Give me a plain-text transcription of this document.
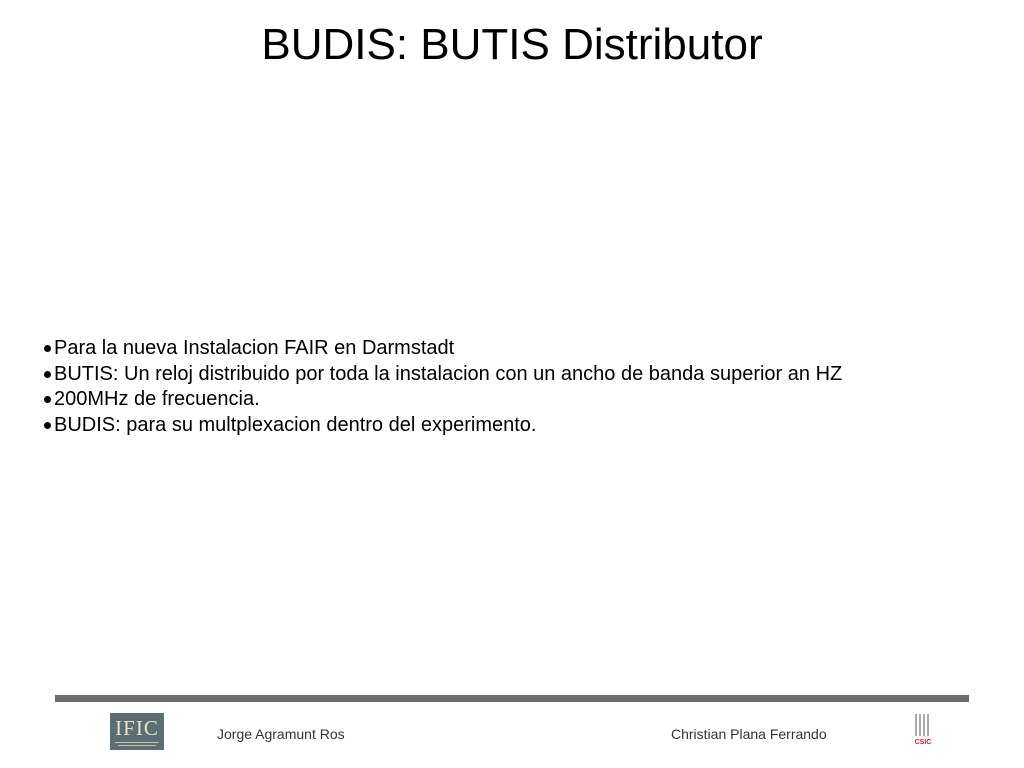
BUDIS: BUTIS Distributor
Para la nueva Instalacion FAIR en Darmstadt
BUTIS: Un reloj distribuido por toda la instalacion con un ancho de banda superior an HZ
200MHz de frecuencia.
BUDIS: para su multplexacion dentro del experimento.
IFIC	Jorge Agramunt Ros	Christian Plana Ferrando
CSIC
